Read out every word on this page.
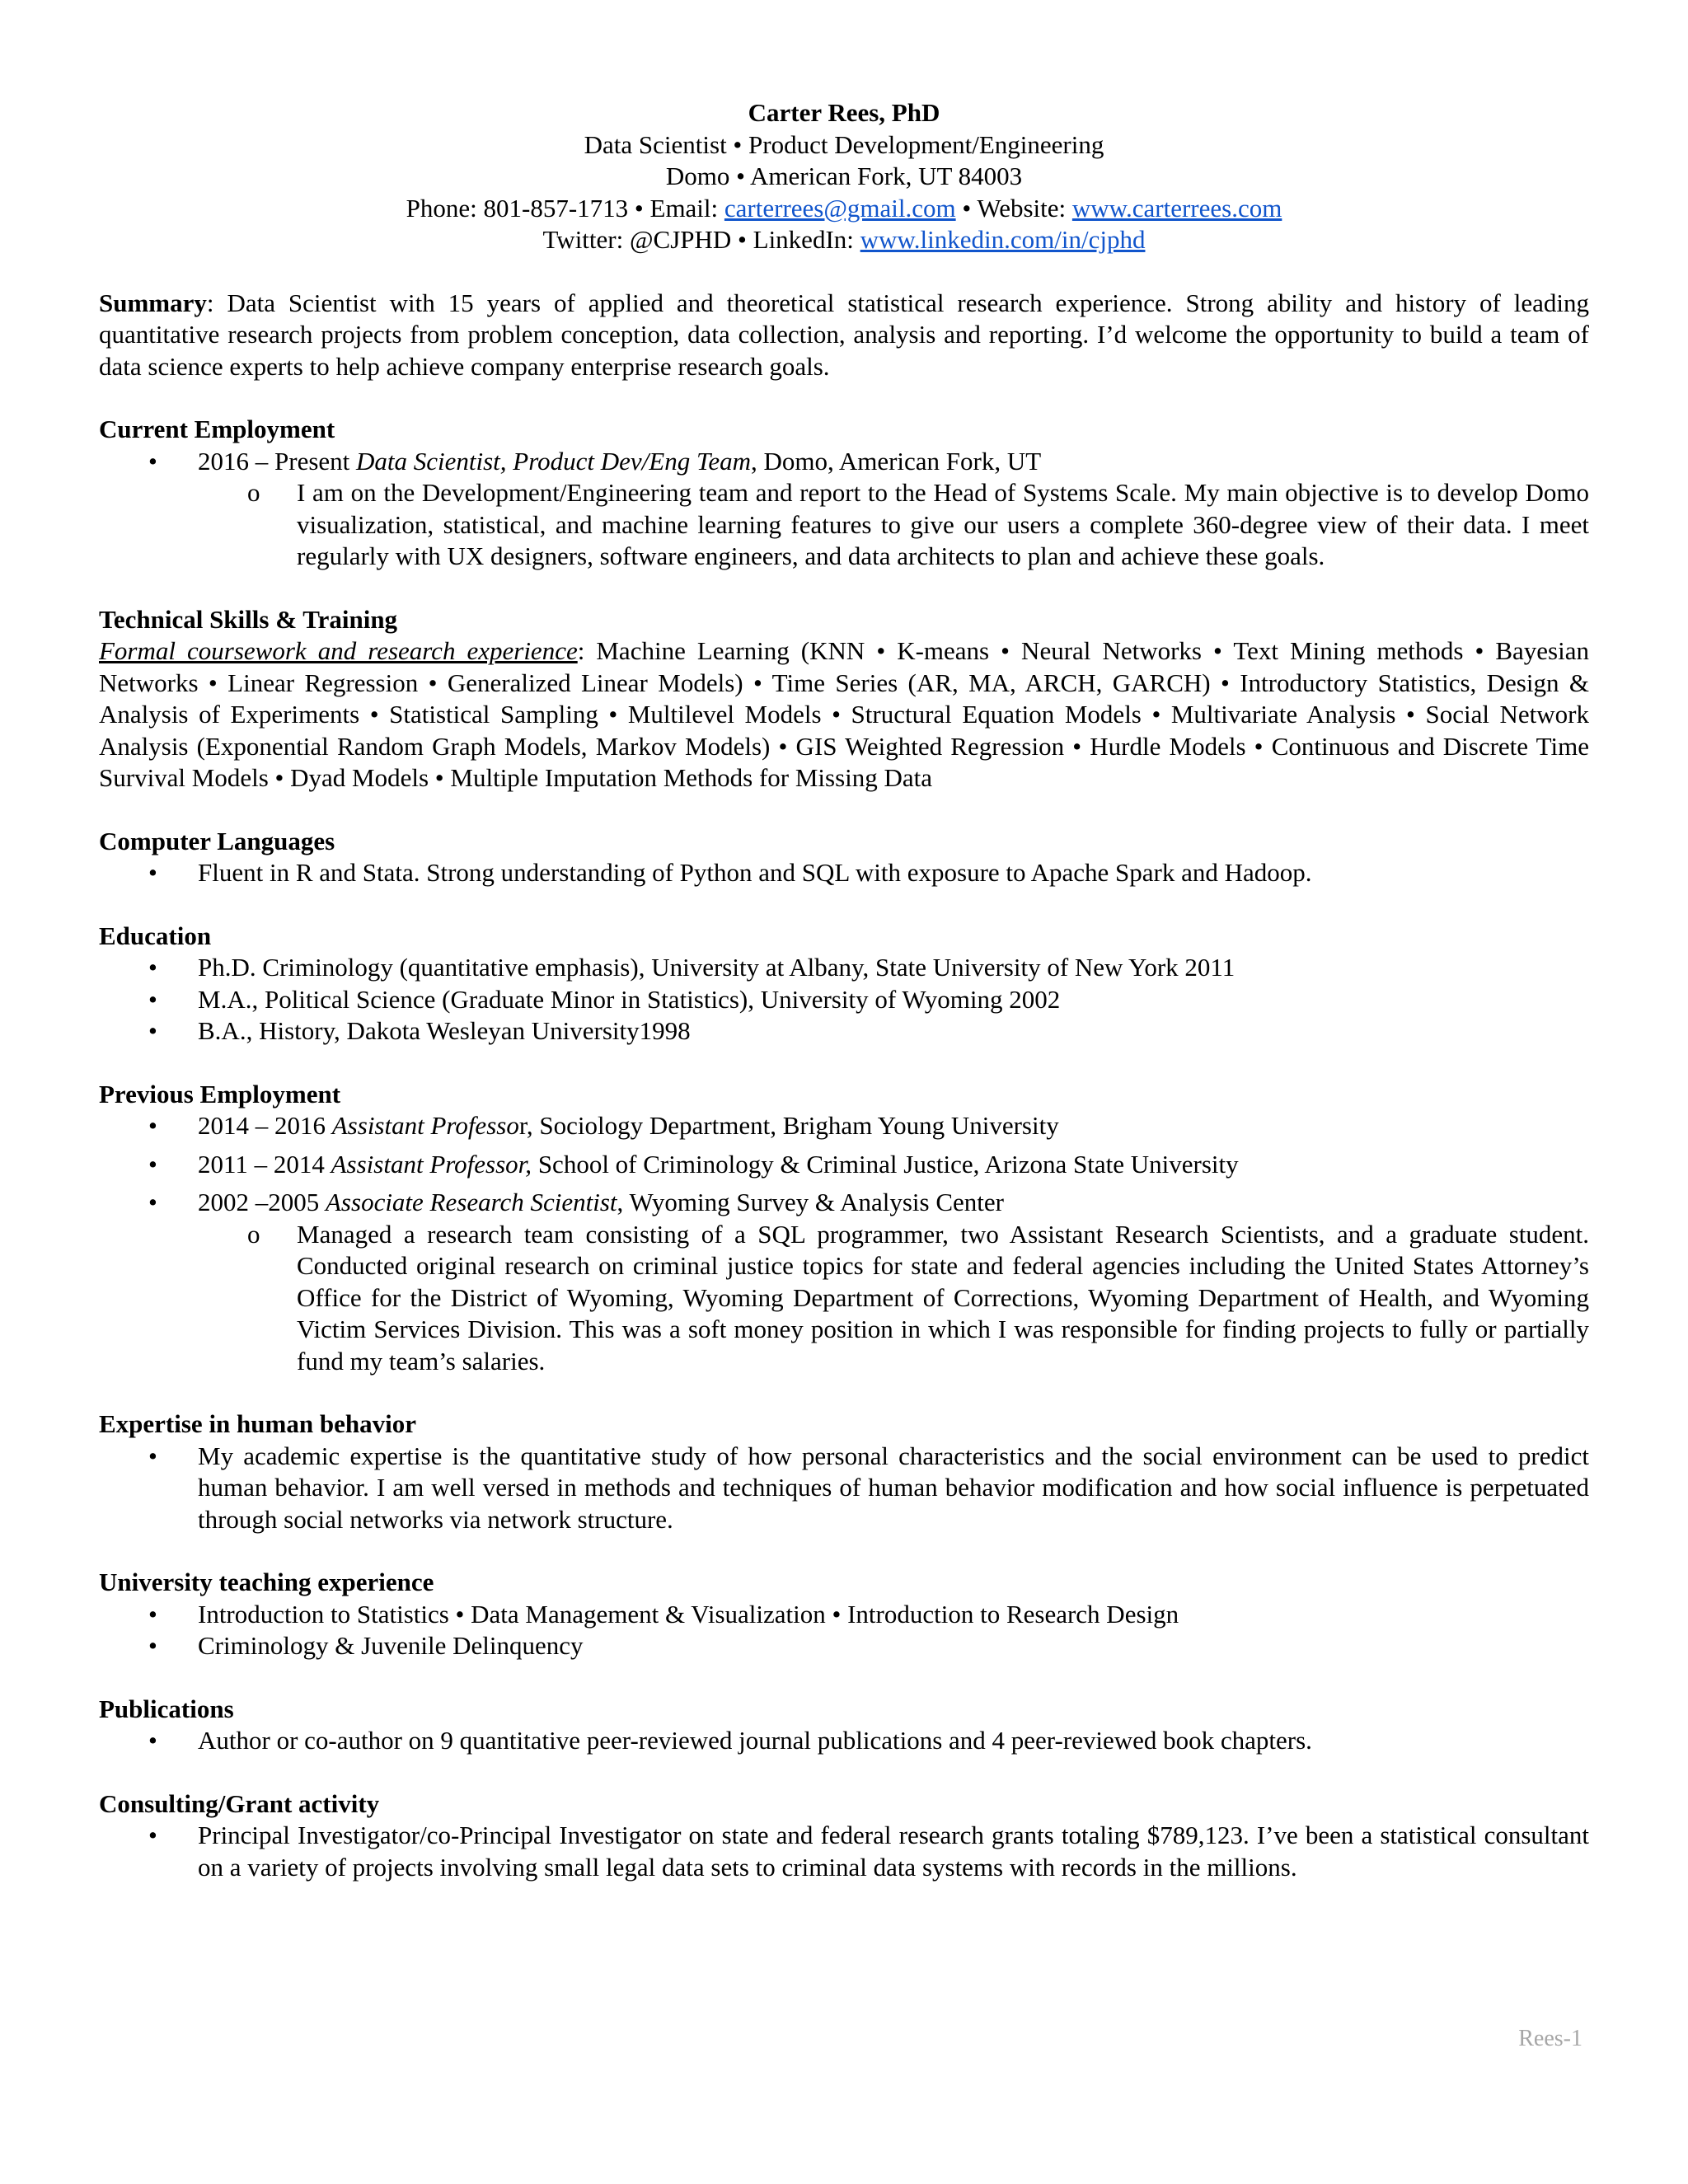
Carter Rees, PhD
Data Scientist • Product Development/Engineering
Domo • American Fork, UT 84003
Phone: 801-857-1713 • Email: carterrees@gmail.com • Website: www.carterrees.com
Twitter: @CJPHD • LinkedIn: www.linkedin.com/in/cjphd
Summary: Data Scientist with 15 years of applied and theoretical statistical research experience. Strong ability and history of leading quantitative research projects from problem conception, data collection, analysis and reporting. I’d welcome the opportunity to build a team of data science experts to help achieve company enterprise research goals.
Current Employment
• 2016 – Present Data Scientist, Product Dev/Eng Team, Domo, American Fork, UT
o I am on the Development/Engineering team and report to the Head of Systems Scale. My main objective is to develop Domo visualization, statistical, and machine learning features to give our users a complete 360-degree view of their data. I meet regularly with UX designers, software engineers, and data architects to plan and achieve these goals.
Technical Skills & Training
Formal coursework and research experience: Machine Learning (KNN • K-means • Neural Networks • Text Mining methods • Bayesian Networks • Linear Regression • Generalized Linear Models) • Time Series (AR, MA, ARCH, GARCH) • Introductory Statistics, Design & Analysis of Experiments • Statistical Sampling • Multilevel Models • Structural Equation Models • Multivariate Analysis • Social Network Analysis (Exponential Random Graph Models, Markov Models) • GIS Weighted Regression • Hurdle Models • Continuous and Discrete Time Survival Models • Dyad Models • Multiple Imputation Methods for Missing Data
Computer Languages
• Fluent in R and Stata. Strong understanding of Python and SQL with exposure to Apache Spark and Hadoop.
Education
• Ph.D. Criminology (quantitative emphasis), University at Albany, State University of New York 2011
• M.A., Political Science (Graduate Minor in Statistics), University of Wyoming 2002
• B.A., History, Dakota Wesleyan University1998
Previous Employment
• 2014 – 2016 Assistant Professor, Sociology Department, Brigham Young University
• 2011 – 2014 Assistant Professor, School of Criminology & Criminal Justice, Arizona State University
• 2002 –2005 Associate Research Scientist, Wyoming Survey & Analysis Center
o Managed a research team consisting of a SQL programmer, two Assistant Research Scientists, and a graduate student. Conducted original research on criminal justice topics for state and federal agencies including the United States Attorney’s Office for the District of Wyoming, Wyoming Department of Corrections, Wyoming Department of Health, and Wyoming Victim Services Division. This was a soft money position in which I was responsible for finding projects to fully or partially fund my team’s salaries.
Expertise in human behavior
• My academic expertise is the quantitative study of how personal characteristics and the social environment can be used to predict human behavior. I am well versed in methods and techniques of human behavior modification and how social influence is perpetuated through social networks via network structure.
University teaching experience
• Introduction to Statistics • Data Management & Visualization • Introduction to Research Design
• Criminology & Juvenile Delinquency
Publications
• Author or co-author on 9 quantitative peer-reviewed journal publications and 4 peer-reviewed book chapters.
Consulting/Grant activity
• Principal Investigator/co-Principal Investigator on state and federal research grants totaling $789,123. I’ve been a statistical consultant on a variety of projects involving small legal data sets to criminal data systems with records in the millions.
Rees-1
